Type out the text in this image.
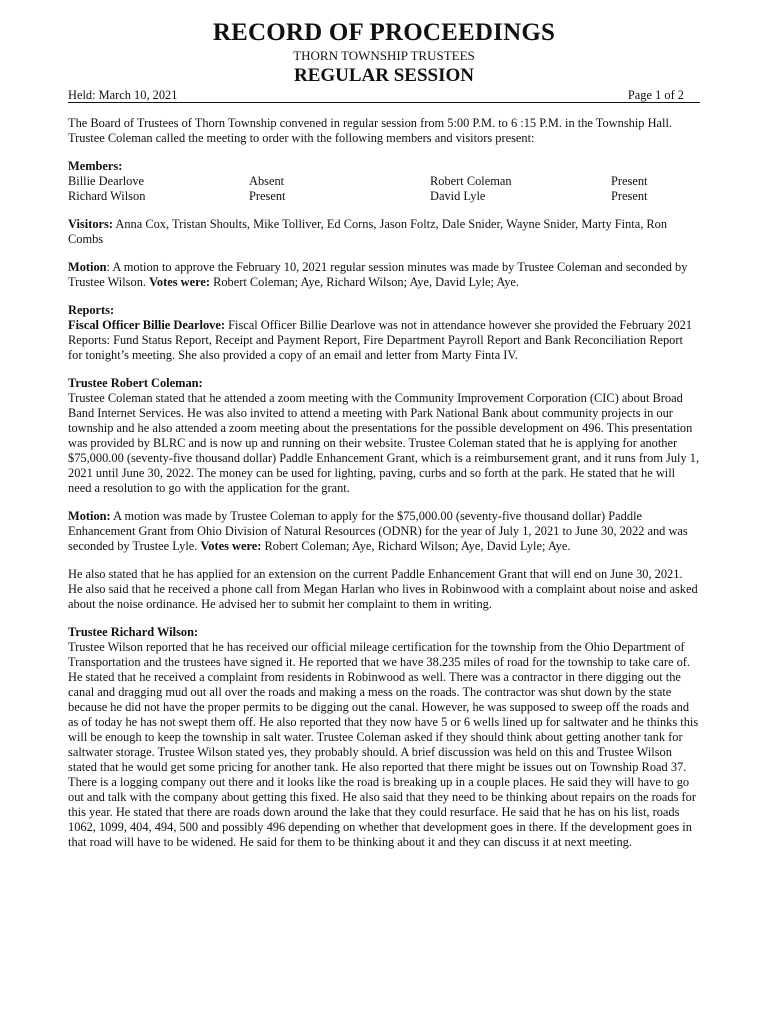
RECORD OF PROCEEDINGS
THORN TOWNSHIP TRUSTEES
REGULAR SESSION
Held: March 10, 2021	Page 1 of 2

The Board of Trustees of Thorn Township convened in regular session from 5:00 P.M. to 6 :15 P.M. in the Township Hall. Trustee Coleman called the meeting to order with the following members and visitors present:

Members:
Billie Dearlove	Absent	Robert Coleman	Present
Richard Wilson	Present	David Lyle	Present

Visitors: Anna Cox, Tristan Shoults, Mike Tolliver, Ed Corns, Jason Foltz, Dale Snider, Wayne Snider, Marty Finta, Ron Combs

Motion: A motion to approve the February 10, 2021 regular session minutes was made by Trustee Coleman and seconded by Trustee Wilson. Votes were: Robert Coleman; Aye, Richard Wilson; Aye, David Lyle; Aye.

Reports:

Fiscal Officer Billie Dearlove: Fiscal Officer Billie Dearlove was not in attendance however she provided the February 2021 Reports: Fund Status Report, Receipt and Payment Report, Fire Department Payroll Report and Bank Reconciliation Report for tonight’s meeting. She also provided a copy of an email and letter from Marty Finta IV.

Trustee Robert Coleman:

Trustee Coleman stated that he attended a zoom meeting with the Community Improvement Corporation (CIC) about Broad Band Internet Services. He was also invited to attend a meeting with Park National Bank about community projects in our township and he also attended a zoom meeting about the presentations for the possible development on 496. This presentation was provided by BLRC and is now up and running on their website. Trustee Coleman stated that he is applying for another $75,000.00 (seventy-five thousand dollar) Paddle Enhancement Grant, which is a reimbursement grant, and it runs from July 1, 2021 until June 30, 2022. The money can be used for lighting, paving, curbs and so forth at the park. He stated that he will need a resolution to go with the application for the grant.

Motion: A motion was made by Trustee Coleman to apply for the $75,000.00 (seventy-five thousand dollar) Paddle Enhancement Grant from Ohio Division of Natural Resources (ODNR) for the year of July 1, 2021 to June 30, 2022 and was seconded by Trustee Lyle. Votes were: Robert Coleman; Aye, Richard Wilson; Aye, David Lyle; Aye.

He also stated that he has applied for an extension on the current Paddle Enhancement Grant that will end on June 30, 2021. He also said that he received a phone call from Megan Harlan who lives in Robinwood with a complaint about noise and asked about the noise ordinance. He advised her to submit her complaint to them in writing.

Trustee Richard Wilson:

Trustee Wilson reported that he has received our official mileage certification for the township from the Ohio Department of Transportation and the trustees have signed it. He reported that we have 38.235 miles of road for the township to take care of. He stated that he received a complaint from residents in Robinwood as well. There was a contractor in there digging out the canal and dragging mud out all over the roads and making a mess on the roads. The contractor was shut down by the state because he did not have the proper permits to be digging out the canal. However, he was supposed to sweep off the roads and as of today he has not swept them off. He also reported that they now have 5 or 6 wells lined up for saltwater and he thinks this will be enough to keep the township in salt water. Trustee Coleman asked if they should think about getting another tank for saltwater storage. Trustee Wilson stated yes, they probably should. A brief discussion was held on this and Trustee Wilson stated that he would get some pricing for another tank. He also reported that there might be issues out on Township Road 37. There is a logging company out there and it looks like the road is breaking up in a couple places. He said they will have to go out and talk with the company about getting this fixed. He also said that they need to be thinking about repairs on the roads for this year. He stated that there are roads down around the lake that they could resurface. He said that he has on his list, roads 1062, 1099, 404, 494, 500 and possibly 496 depending on whether that development goes in there. If the development goes in that road will have to be widened. He said for them to be thinking about it and they can discuss it at next meeting.
